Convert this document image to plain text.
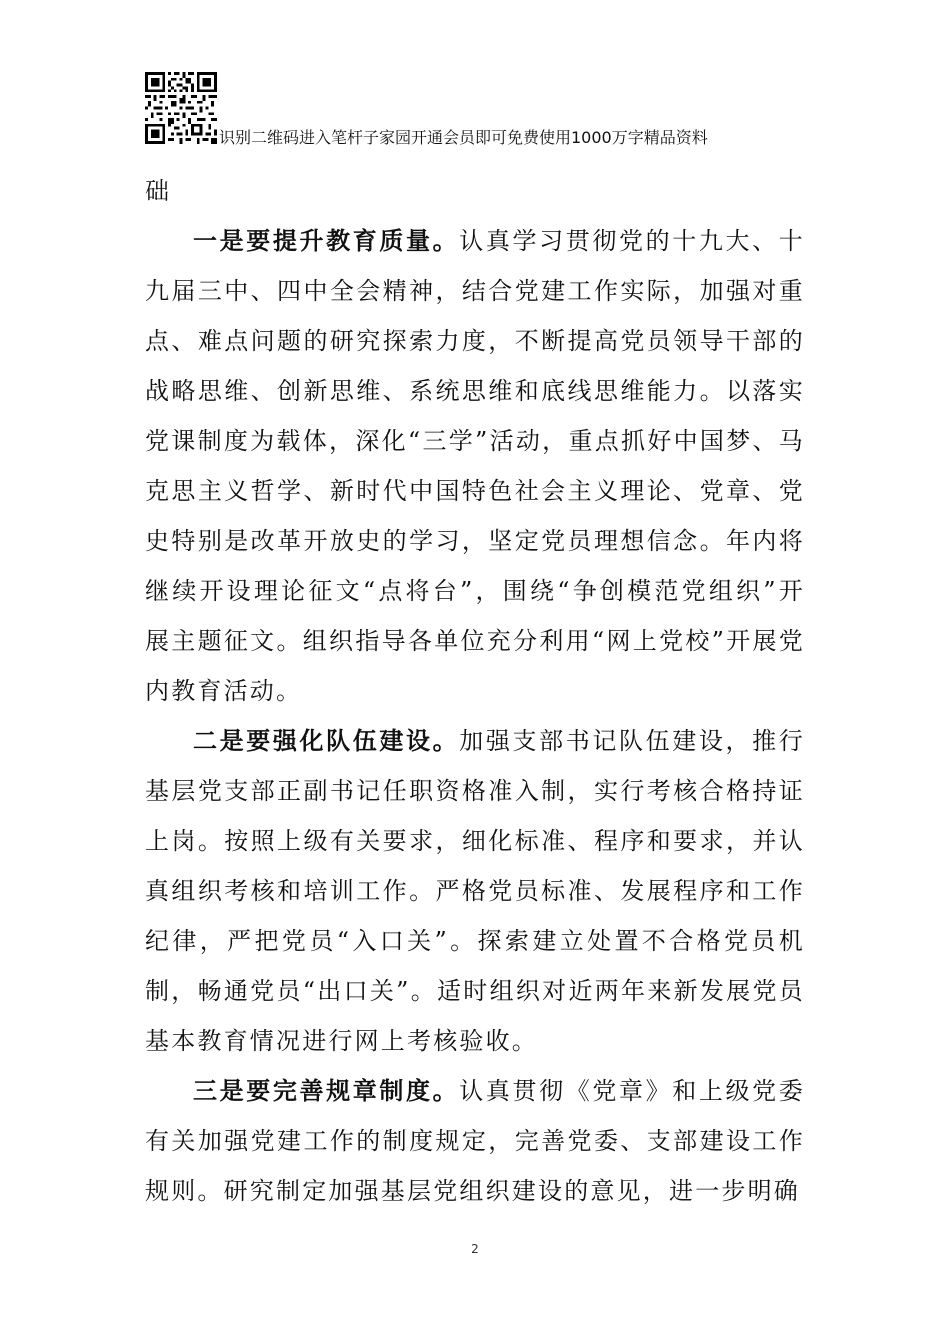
识别二维码进入笔杆子家园开通会员即可免费使用1000万字精品资料

础

一是要提升教育质量。认真学习贯彻党的十九大、十九届三中、四中全会精神，结合党建工作实际，加强对重点、难点问题的研究探索力度，不断提高党员领导干部的战略思维、创新思维、系统思维和底线思维能力。以落实党课制度为载体，深化“三学”活动，重点抓好中国梦、马克思主义哲学、新时代中国特色社会主义理论、党章、党史特别是改革开放史的学习，坚定党员理想信念。年内将继续开设理论征文“点将台”，围绕“争创模范党组织”开展主题征文。组织指导各单位充分利用“网上党校”开展党内教育活动。

二是要强化队伍建设。加强支部书记队伍建设，推行基层党支部正副书记任职资格准入制，实行考核合格持证上岗。按照上级有关要求，细化标准、程序和要求，并认真组织考核和培训工作。严格党员标准、发展程序和工作纪律，严把党员“入口关”。探索建立处置不合格党员机制，畅通党员“出口关”。适时组织对近两年来新发展党员基本教育情况进行网上考核验收。

三是要完善规章制度。认真贯彻《党章》和上级党委有关加强党建工作的制度规定，完善党委、支部建设工作规则。研究制定加强基层党组织建设的意见，进一步明确

2
